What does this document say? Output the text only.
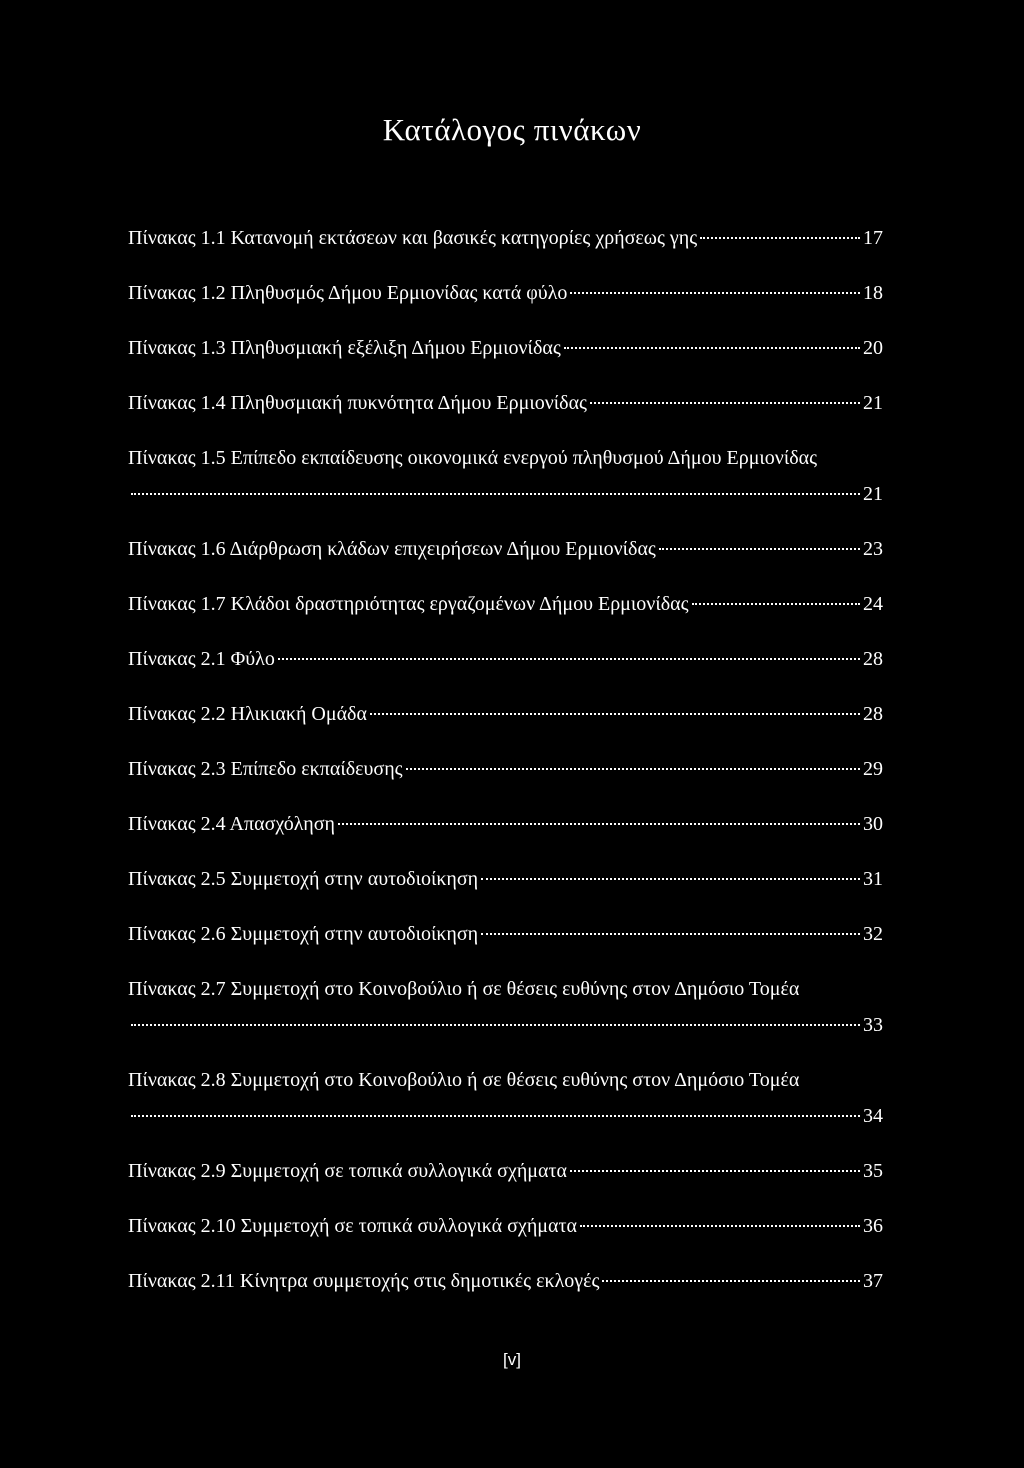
Κατάλογος πινάκων
Πίνακας 1.1 Κατανομή εκτάσεων και βασικές κατηγορίες χρήσεως γης	17
Πίνακας 1.2 Πληθυσμός Δήμου Ερμιονίδας κατά φύλο	18
Πίνακας 1.3 Πληθυσμιακή εξέλιξη Δήμου Ερμιονίδας	20
Πίνακας 1.4 Πληθυσμιακή πυκνότητα Δήμου Ερμιονίδας	21
Πίνακας 1.5 Επίπεδο εκπαίδευσης οικονομικά ενεργού πληθυσμού Δήμου Ερμιονίδας
21
Πίνακας 1.6 Διάρθρωση κλάδων επιχειρήσεων Δήμου Ερμιονίδας	23
Πίνακας 1.7 Κλάδοι δραστηριότητας εργαζομένων Δήμου Ερμιονίδας	24
Πίνακας 2.1 Φύλο	28
Πίνακας 2.2 Ηλικιακή Ομάδα	28
Πίνακας 2.3 Επίπεδο εκπαίδευσης	29
Πίνακας 2.4 Απασχόληση	30
Πίνακας 2.5 Συμμετοχή στην αυτοδιοίκηση	31
Πίνακας 2.6 Συμμετοχή στην αυτοδιοίκηση	32
Πίνακας 2.7 Συμμετοχή στο Κοινοβούλιο ή σε θέσεις ευθύνης στον Δημόσιο Τομέα
33
Πίνακας 2.8 Συμμετοχή στο Κοινοβούλιο ή σε θέσεις ευθύνης στον Δημόσιο Τομέα
34
Πίνακας 2.9 Συμμετοχή σε τοπικά συλλογικά σχήματα	35
Πίνακας 2.10 Συμμετοχή σε τοπικά συλλογικά σχήματα	36
Πίνακας 2.11 Κίνητρα συμμετοχής στις δημοτικές εκλογές	37
[v]
